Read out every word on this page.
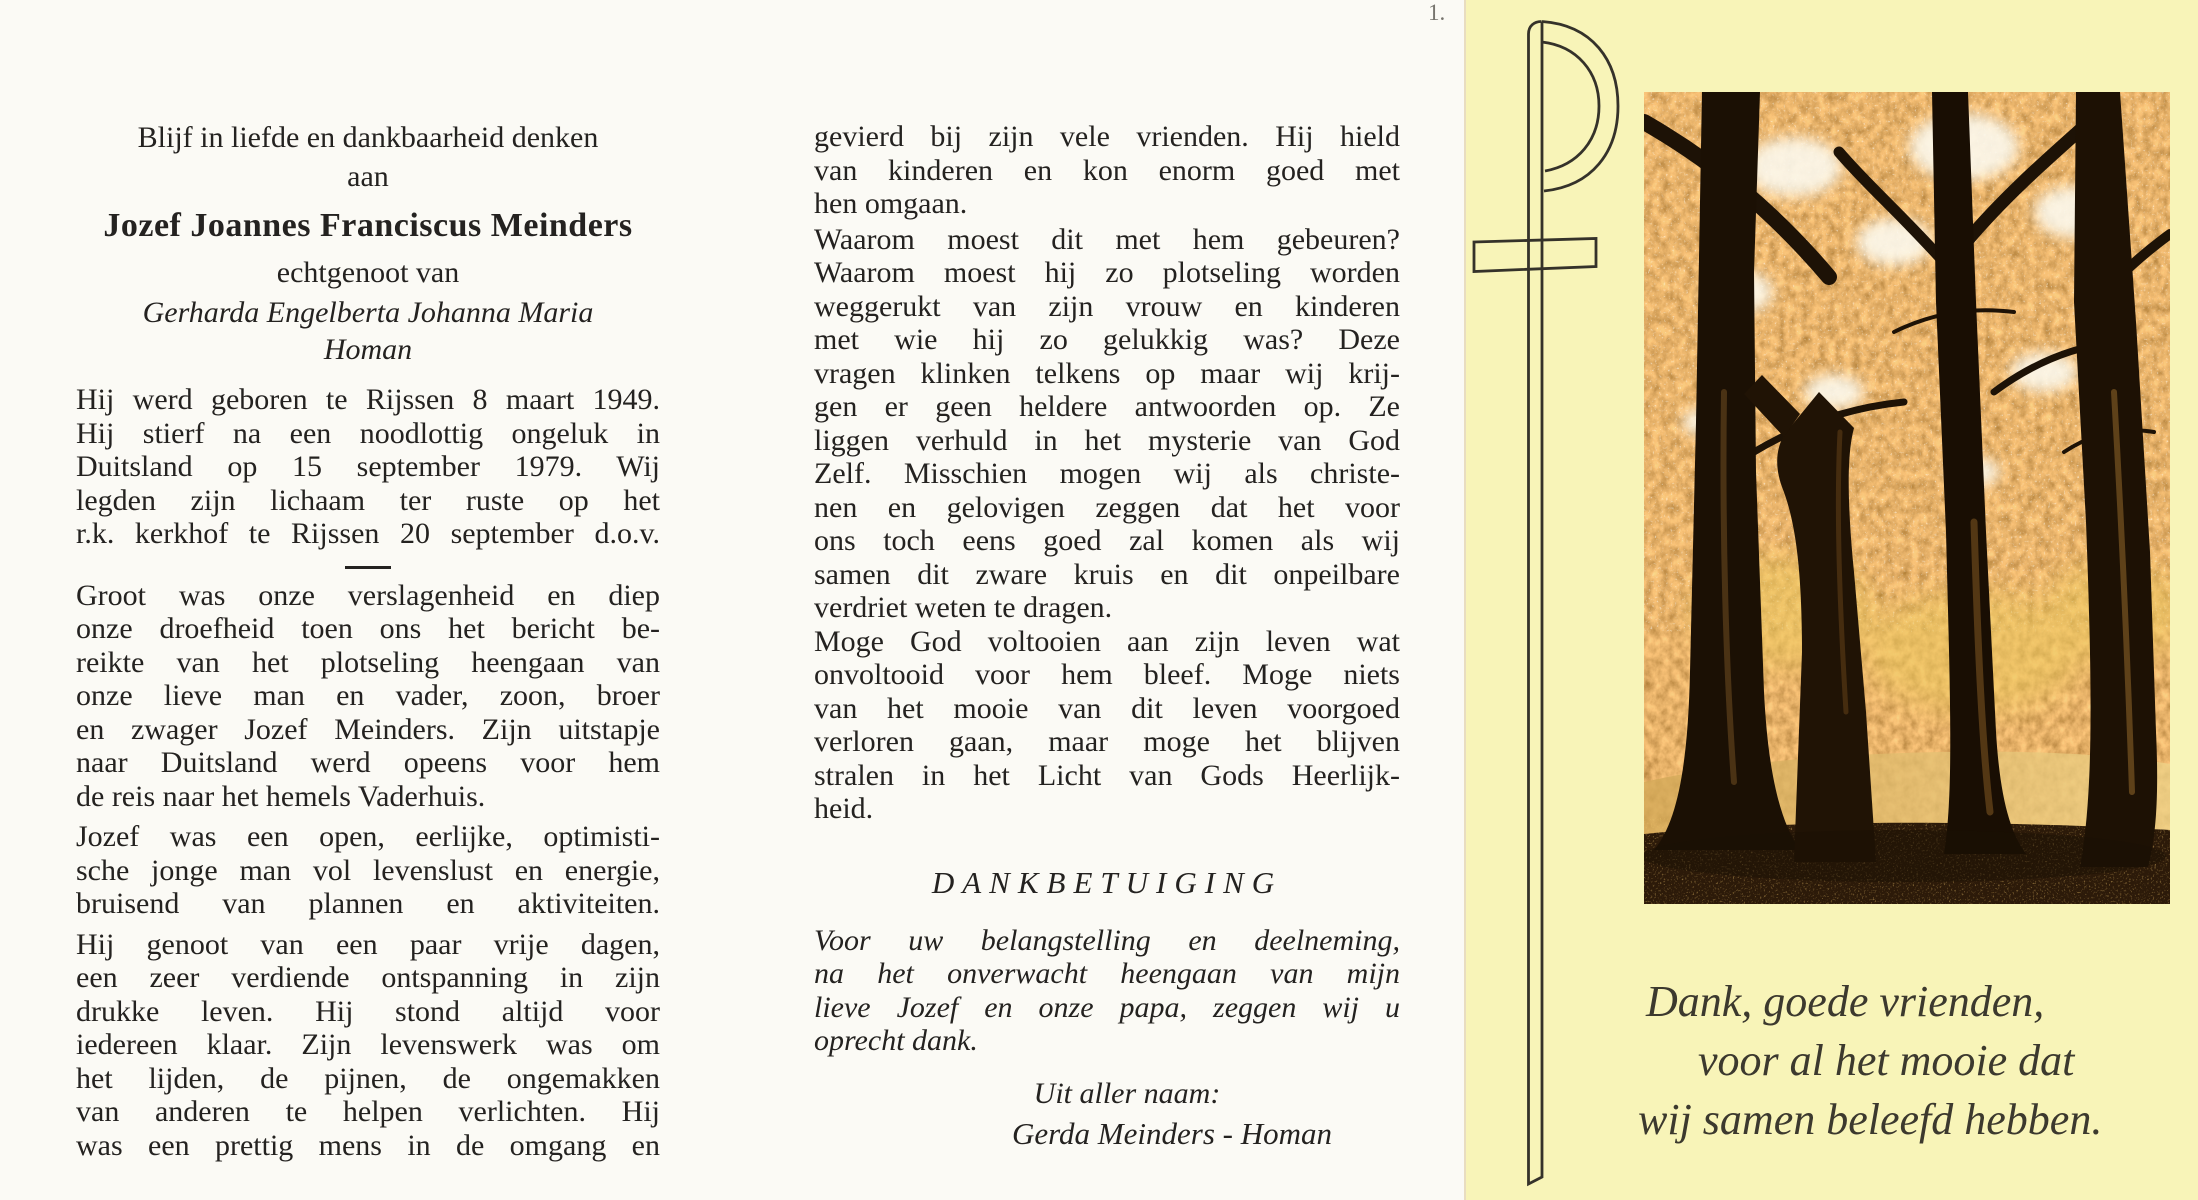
Blijf in liefde en dankbaarheid denken
aan
Jozef Joannes Franciscus Meinders
echtgenoot van
Gerharda Engelberta Johanna Maria
Homan
Hij werd geboren te Rijssen 8 maart 1949.
Hij stierf na een noodlottig ongeluk in
Duitsland op 15 september 1979. Wij
legden zijn lichaam ter ruste op het
r.k. kerkhof te Rijssen 20 september d.o.v.
Groot was onze verslagenheid en diep
onze droefheid toen ons het bericht be-
reikte van het plotseling heengaan van
onze lieve man en vader, zoon, broer
en zwager Jozef Meinders. Zijn uitstapje
naar Duitsland werd opeens voor hem
de reis naar het hemels Vaderhuis.
Jozef was een open, eerlijke, optimisti-
sche jonge man vol levenslust en energie,
bruisend van plannen en aktiviteiten.
Hij genoot van een paar vrije dagen,
een zeer verdiende ontspanning in zijn
drukke leven. Hij stond altijd voor
iedereen klaar. Zijn levenswerk was om
het lijden, de pijnen, de ongemakken
van anderen te helpen verlichten. Hij
was een prettig mens in de omgang en
gevierd bij zijn vele vrienden. Hij hield
van kinderen en kon enorm goed met
hen omgaan.
Waarom moest dit met hem gebeuren?
Waarom moest hij zo plotseling worden
weggerukt van zijn vrouw en kinderen
met wie hij zo gelukkig was? Deze
vragen klinken telkens op maar wij krij-
gen er geen heldere antwoorden op. Ze
liggen verhuld in het mysterie van God
Zelf. Misschien mogen wij als christe-
nen en gelovigen zeggen dat het voor
ons toch eens goed zal komen als wij
samen dit zware kruis en dit onpeilbare
verdriet weten te dragen.
Moge God voltooien aan zijn leven wat
onvoltooid voor hem bleef. Moge niets
van het mooie van dit leven voorgoed
verloren gaan, maar moge het blijven
stralen in het Licht van Gods Heerlijk-
heid.
DANKBETUIGING
Voor uw belangstelling en deelneming,
na het onverwacht heengaan van mijn
lieve Jozef en onze papa, zeggen wij u
oprecht dank.
Uit aller naam:
Gerda Meinders - Homan
1.
Dank, goede vrienden,
voor al het mooie dat
wij samen beleefd hebben.
